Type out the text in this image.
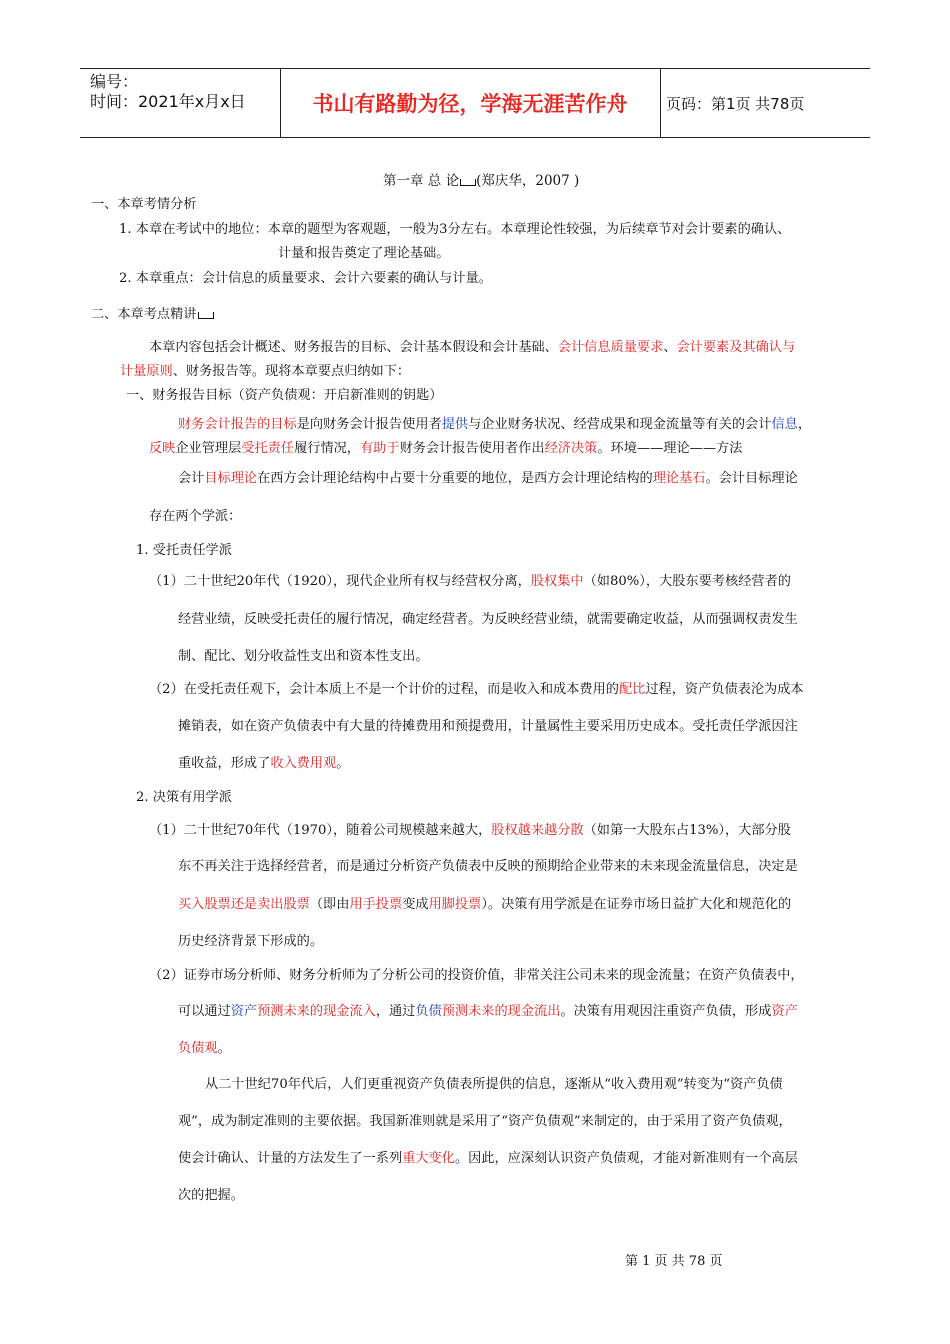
编号：
时间：2021年x月x日	书山有路勤为径，学海无涯苦作舟	页码：第1页 共78页
第一章 总 论 (郑庆华，2007 )
一、本章考情分析
1. 本章在考试中的地位：本章的题型为客观题，一般为3分左右。本章理论性较强，为后续章节对会计要素的确认、
计量和报告奠定了理论基础。
2. 本章重点：会计信息的质量要求、会计六要素的确认与计量。
二、本章考点精讲
本章内容包括会计概述、财务报告的目标、会计基本假设和会计基础、会计信息质量要求、会计要素及其确认与
计量原则、财务报告等。现将本章要点归纳如下：
一、财务报告目标（资产负债观：开启新准则的钥匙）
财务会计报告的目标是向财务会计报告使用者提供与企业财务状况、经营成果和现金流量等有关的会计信息，
反映企业管理层受托责任履行情况，有助于财务会计报告使用者作出经济决策。环境——理论——方法
会计目标理论在西方会计理论结构中占要十分重要的地位，是西方会计理论结构的理论基石。会计目标理论
存在两个学派：
1. 受托责任学派
（1）二十世纪20年代（1920），现代企业所有权与经营权分离，股权集中（如80%），大股东要考核经营者的
经营业绩，反映受托责任的履行情况，确定经营者。为反映经营业绩，就需要确定收益，从而强调权责发生
制、配比、划分收益性支出和资本性支出。
（2）在受托责任观下，会计本质上不是一个计价的过程，而是收入和成本费用的配比过程，资产负债表沦为成本
摊销表，如在资产负债表中有大量的待摊费用和预提费用，计量属性主要采用历史成本。受托责任学派因注
重收益，形成了收入费用观。
2. 决策有用学派
（1）二十世纪70年代（1970），随着公司规模越来越大，股权越来越分散（如第一大股东占13%），大部分股
东不再关注于选择经营者，而是通过分析资产负债表中反映的预期给企业带来的未来现金流量信息，决定是
买入股票还是卖出股票（即由用手投票变成用脚投票）。决策有用学派是在证券市场日益扩大化和规范化的
历史经济背景下形成的。
（2）证券市场分析师、财务分析师为了分析公司的投资价值，非常关注公司未来的现金流量；在资产负债表中，
可以通过资产预测未来的现金流入，通过负债预测未来的现金流出。决策有用观因注重资产负债，形成资产
负债观。
从二十世纪70年代后，人们更重视资产负债表所提供的信息，逐渐从“收入费用观”转变为“资产负债
观”，成为制定准则的主要依据。我国新准则就是采用了“资产负债观”来制定的，由于采用了资产负债观，
使会计确认、计量的方法发生了一系列重大变化。因此，应深刻认识资产负债观，才能对新准则有一个高层
次的把握。
第 1 页 共 78 页
